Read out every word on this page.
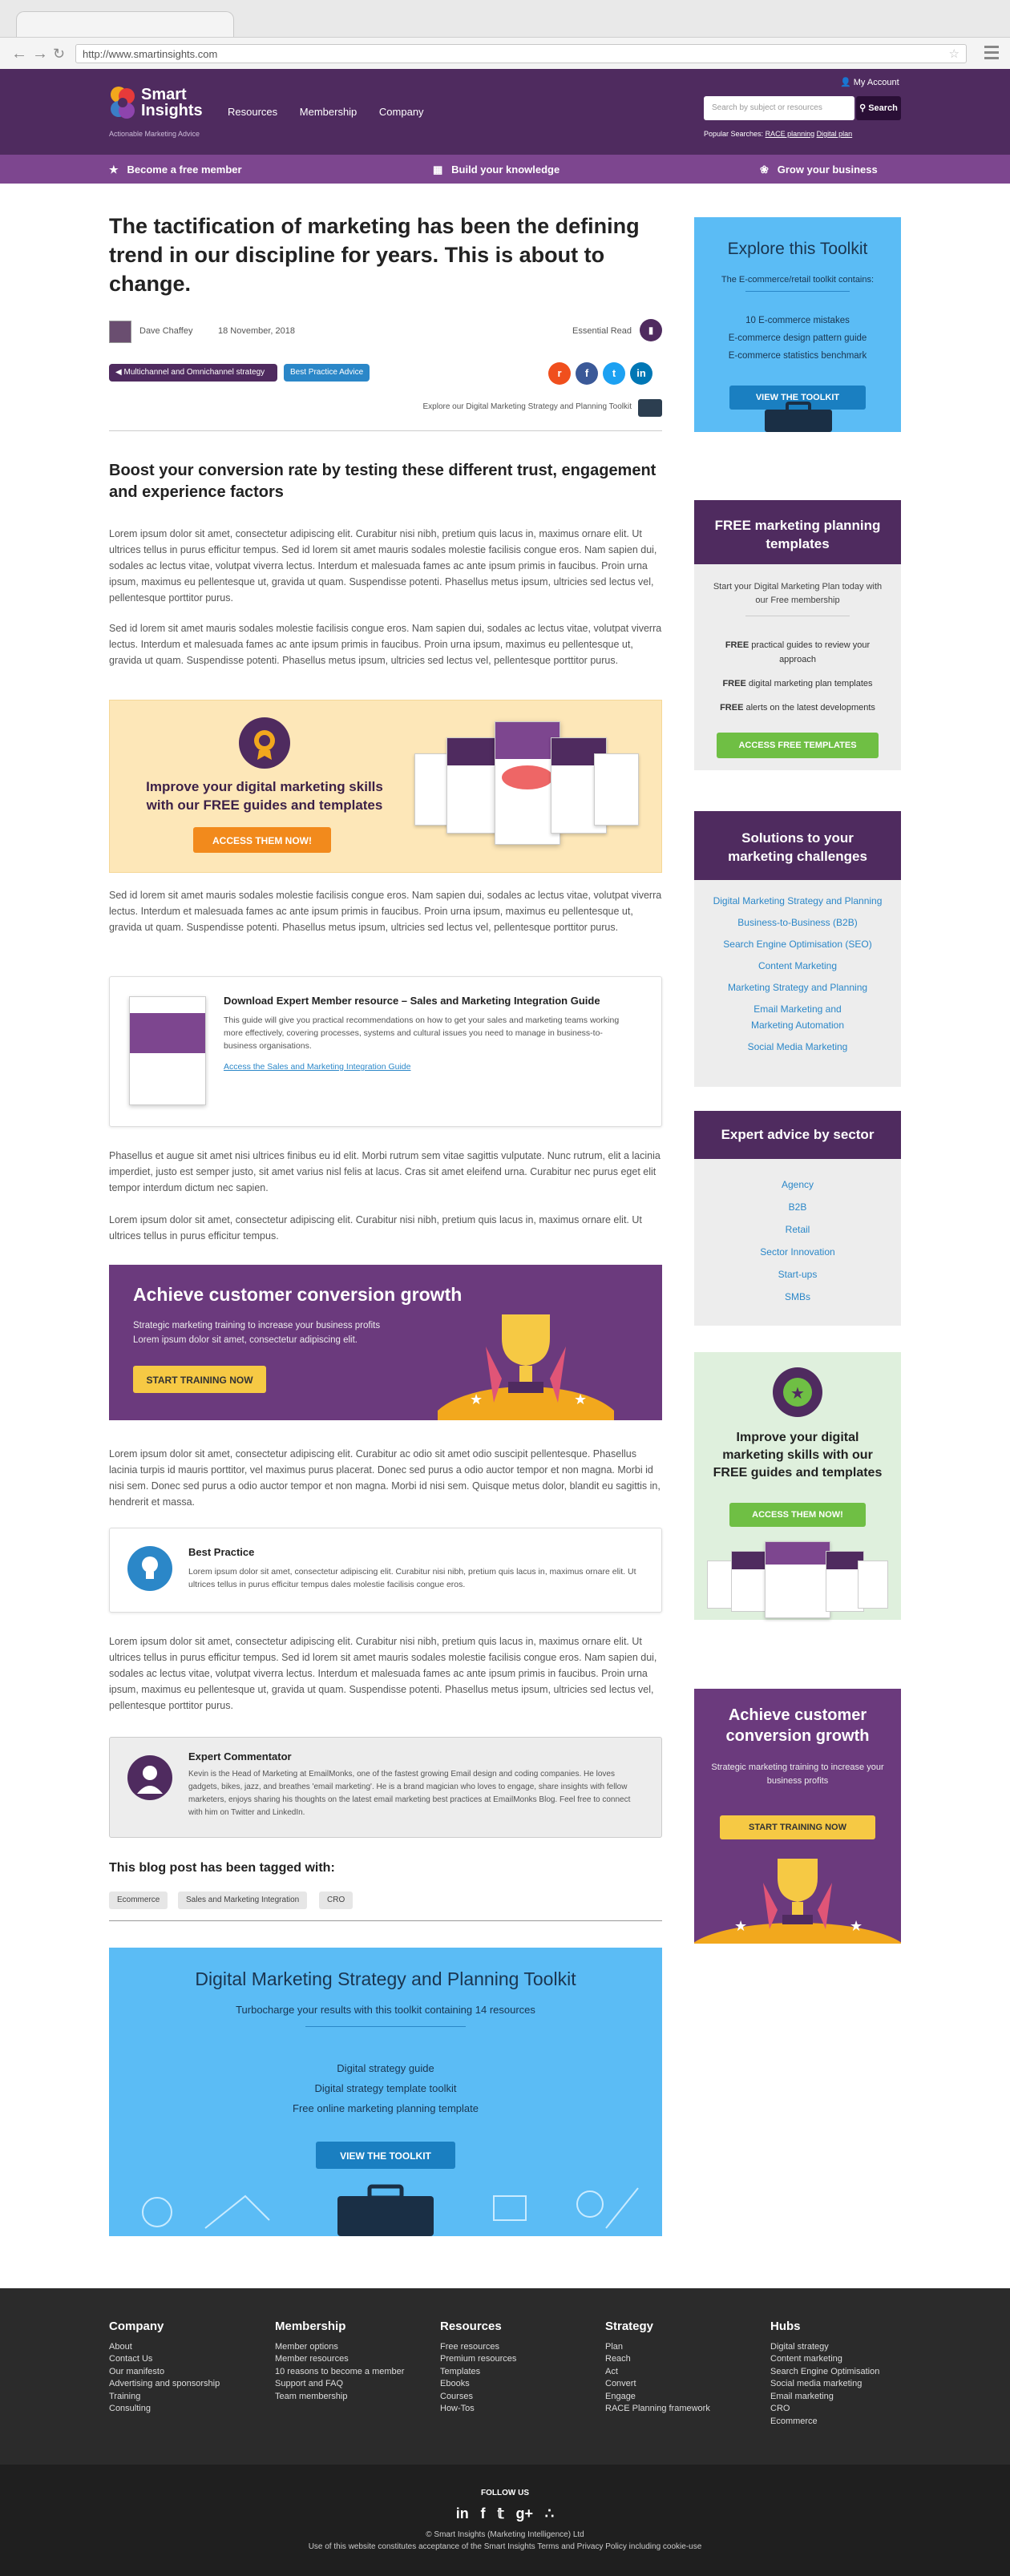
← → ↻	http://www.smartinsights.com	☆
Smart
Insights
Actionable Marketing Advice
Resources Membership Company
👤 My Account
Search by subject or resources	⚲ Search
Popular Searches: RACE planning Digital plan
★ Become a free member	▦ Build your knowledge	❀ Grow your business
The tactification of marketing has been the defining trend in our discipline for years. This is about to change.
Dave Chaffey	18 November, 2018	Essential Read	▮
◀ Multichannel and Omnichannel strategy	Best Practice Advice	r	f	t	in
Explore our Digital Marketing Strategy and Planning Toolkit
Boost your conversion rate by testing these different trust, engagement and experience factors
Lorem ipsum dolor sit amet, consectetur adipiscing elit. Curabitur nisi nibh, pretium quis lacus in, maximus ornare elit. Ut ultrices tellus in purus efficitur tempus. Sed id lorem sit amet mauris sodales molestie facilisis congue eros. Nam sapien dui, sodales ac lectus vitae, volutpat viverra lectus. Interdum et malesuada fames ac ante ipsum primis in faucibus. Proin urna ipsum, maximus eu pellentesque ut, gravida ut quam. Suspendisse potenti. Phasellus metus ipsum, ultricies sed lectus vel, pellentesque porttitor purus.
Sed id lorem sit amet mauris sodales molestie facilisis congue eros. Nam sapien dui, sodales ac lectus vitae, volutpat viverra lectus. Interdum et malesuada fames ac ante ipsum primis in faucibus. Proin urna ipsum, maximus eu pellentesque ut, gravida ut quam. Suspendisse potenti. Phasellus metus ipsum, ultricies sed lectus vel, pellentesque porttitor purus.
Improve your digital marketing skills with our FREE guides and templates
ACCESS THEM NOW!
Sed id lorem sit amet mauris sodales molestie facilisis congue eros. Nam sapien dui, sodales ac lectus vitae, volutpat viverra lectus. Interdum et malesuada fames ac ante ipsum primis in faucibus. Proin urna ipsum, maximus eu pellentesque ut, gravida ut quam. Suspendisse potenti. Phasellus metus ipsum, ultricies sed lectus vel, pellentesque porttitor purus.
Download Expert Member resource – Sales and Marketing Integration Guide
This guide will give you practical recommendations on how to get your sales and marketing teams working more effectively, covering processes, systems and cultural issues you need to manage in business-to-business organisations.
Access the Sales and Marketing Integration Guide
Phasellus et augue sit amet nisi ultrices finibus eu id elit. Morbi rutrum sem vitae sagittis vulputate. Nunc rutrum, elit a lacinia imperdiet, justo est semper justo, sit amet varius nisl felis at lacus. Cras sit amet eleifend urna. Curabitur nec purus eget elit tempor interdum dictum nec sapien.
Lorem ipsum dolor sit amet, consectetur adipiscing elit. Curabitur nisi nibh, pretium quis lacus in, maximus ornare elit. Ut ultrices tellus in purus efficitur tempus.
Achieve customer conversion growth
Strategic marketing training to increase your business profits
Lorem ipsum dolor sit amet, consectetur adipiscing elit.
START TRAINING NOW
★	★
Lorem ipsum dolor sit amet, consectetur adipiscing elit. Curabitur ac odio sit amet odio suscipit pellentesque. Phasellus lacinia turpis id mauris porttitor, vel maximus purus placerat. Donec sed purus a odio auctor tempor et non magna. Morbi id nisi sem. Donec sed purus a odio auctor tempor et non magna. Morbi id nisi sem. Quisque metus dolor, blandit eu sagittis in, hendrerit et massa.
Best Practice
Lorem ipsum dolor sit amet, consectetur adipiscing elit. Curabitur nisi nibh, pretium quis lacus in, maximus ornare elit. Ut ultrices tellus in purus efficitur tempus dales molestie facilisis congue eros.
Lorem ipsum dolor sit amet, consectetur adipiscing elit. Curabitur nisi nibh, pretium quis lacus in, maximus ornare elit. Ut ultrices tellus in purus efficitur tempus. Sed id lorem sit amet mauris sodales molestie facilisis congue eros. Nam sapien dui, sodales ac lectus vitae, volutpat viverra lectus. Interdum et malesuada fames ac ante ipsum primis in faucibus. Proin urna ipsum, maximus eu pellentesque ut, gravida ut quam. Suspendisse potenti. Phasellus metus ipsum, ultricies sed lectus vel, pellentesque porttitor purus.
Expert Commentator
Kevin is the Head of Marketing at EmailMonks, one of the fastest growing Email design and coding companies. He loves gadgets, bikes, jazz, and breathes 'email marketing'. He is a brand magician who loves to engage, share insights with fellow marketers, enjoys sharing his thoughts on the latest email marketing best practices at EmailMonks Blog. Feel free to connect with him on Twitter and LinkedIn.
This blog post has been tagged with:
Ecommerce	Sales and Marketing Integration	CRO
Digital Marketing Strategy and Planning Toolkit
Turbocharge your results with this toolkit containing 14 resources
Digital strategy guide
Digital strategy template toolkit
Free online marketing planning template
VIEW THE TOOLKIT
Explore this Toolkit
The E-commerce/retail toolkit contains:
10 E-commerce mistakes
E-commerce design pattern guide
E-commerce statistics benchmark
VIEW THE TOOLKIT
FREE marketing planning templates
Start your Digital Marketing Plan today with our Free membership
FREE practical guides to review your approach
FREE digital marketing plan templates
FREE alerts on the latest developments
ACCESS FREE TEMPLATES
Solutions to your marketing challenges
Digital Marketing Strategy and Planning
Business-to-Business (B2B)
Search Engine Optimisation (SEO)
Content Marketing
Marketing Strategy and Planning
Email Marketing and Marketing Automation
Social Media Marketing
Expert advice by sector
Agency
B2B
Retail
Sector Innovation
Start-ups
SMBs
★
Improve your digital marketing skills with our FREE guides and templates
ACCESS THEM NOW!
Achieve customer conversion growth
Strategic marketing training to increase your business profits
START TRAINING NOW
★	★
Company
About
Contact Us
Our manifesto
Advertising and sponsorship
Training
Consulting
Membership
Member options
Member resources
10 reasons to become a member
Support and FAQ
Team membership
Resources
Free resources
Premium resources
Templates
Ebooks
Courses
How-Tos
Strategy
Plan
Reach
Act
Convert
Engage
RACE Planning framework
Hubs
Digital strategy
Content marketing
Search Engine Optimisation
Social media marketing
Email marketing
CRO
Ecommerce
FOLLOW US
in f 𝕥 g+ ∴
© Smart Insights (Marketing Intelligence) Ltd
Use of this website constitutes acceptance of the Smart Insights Terms and Privacy Policy including cookie-use
